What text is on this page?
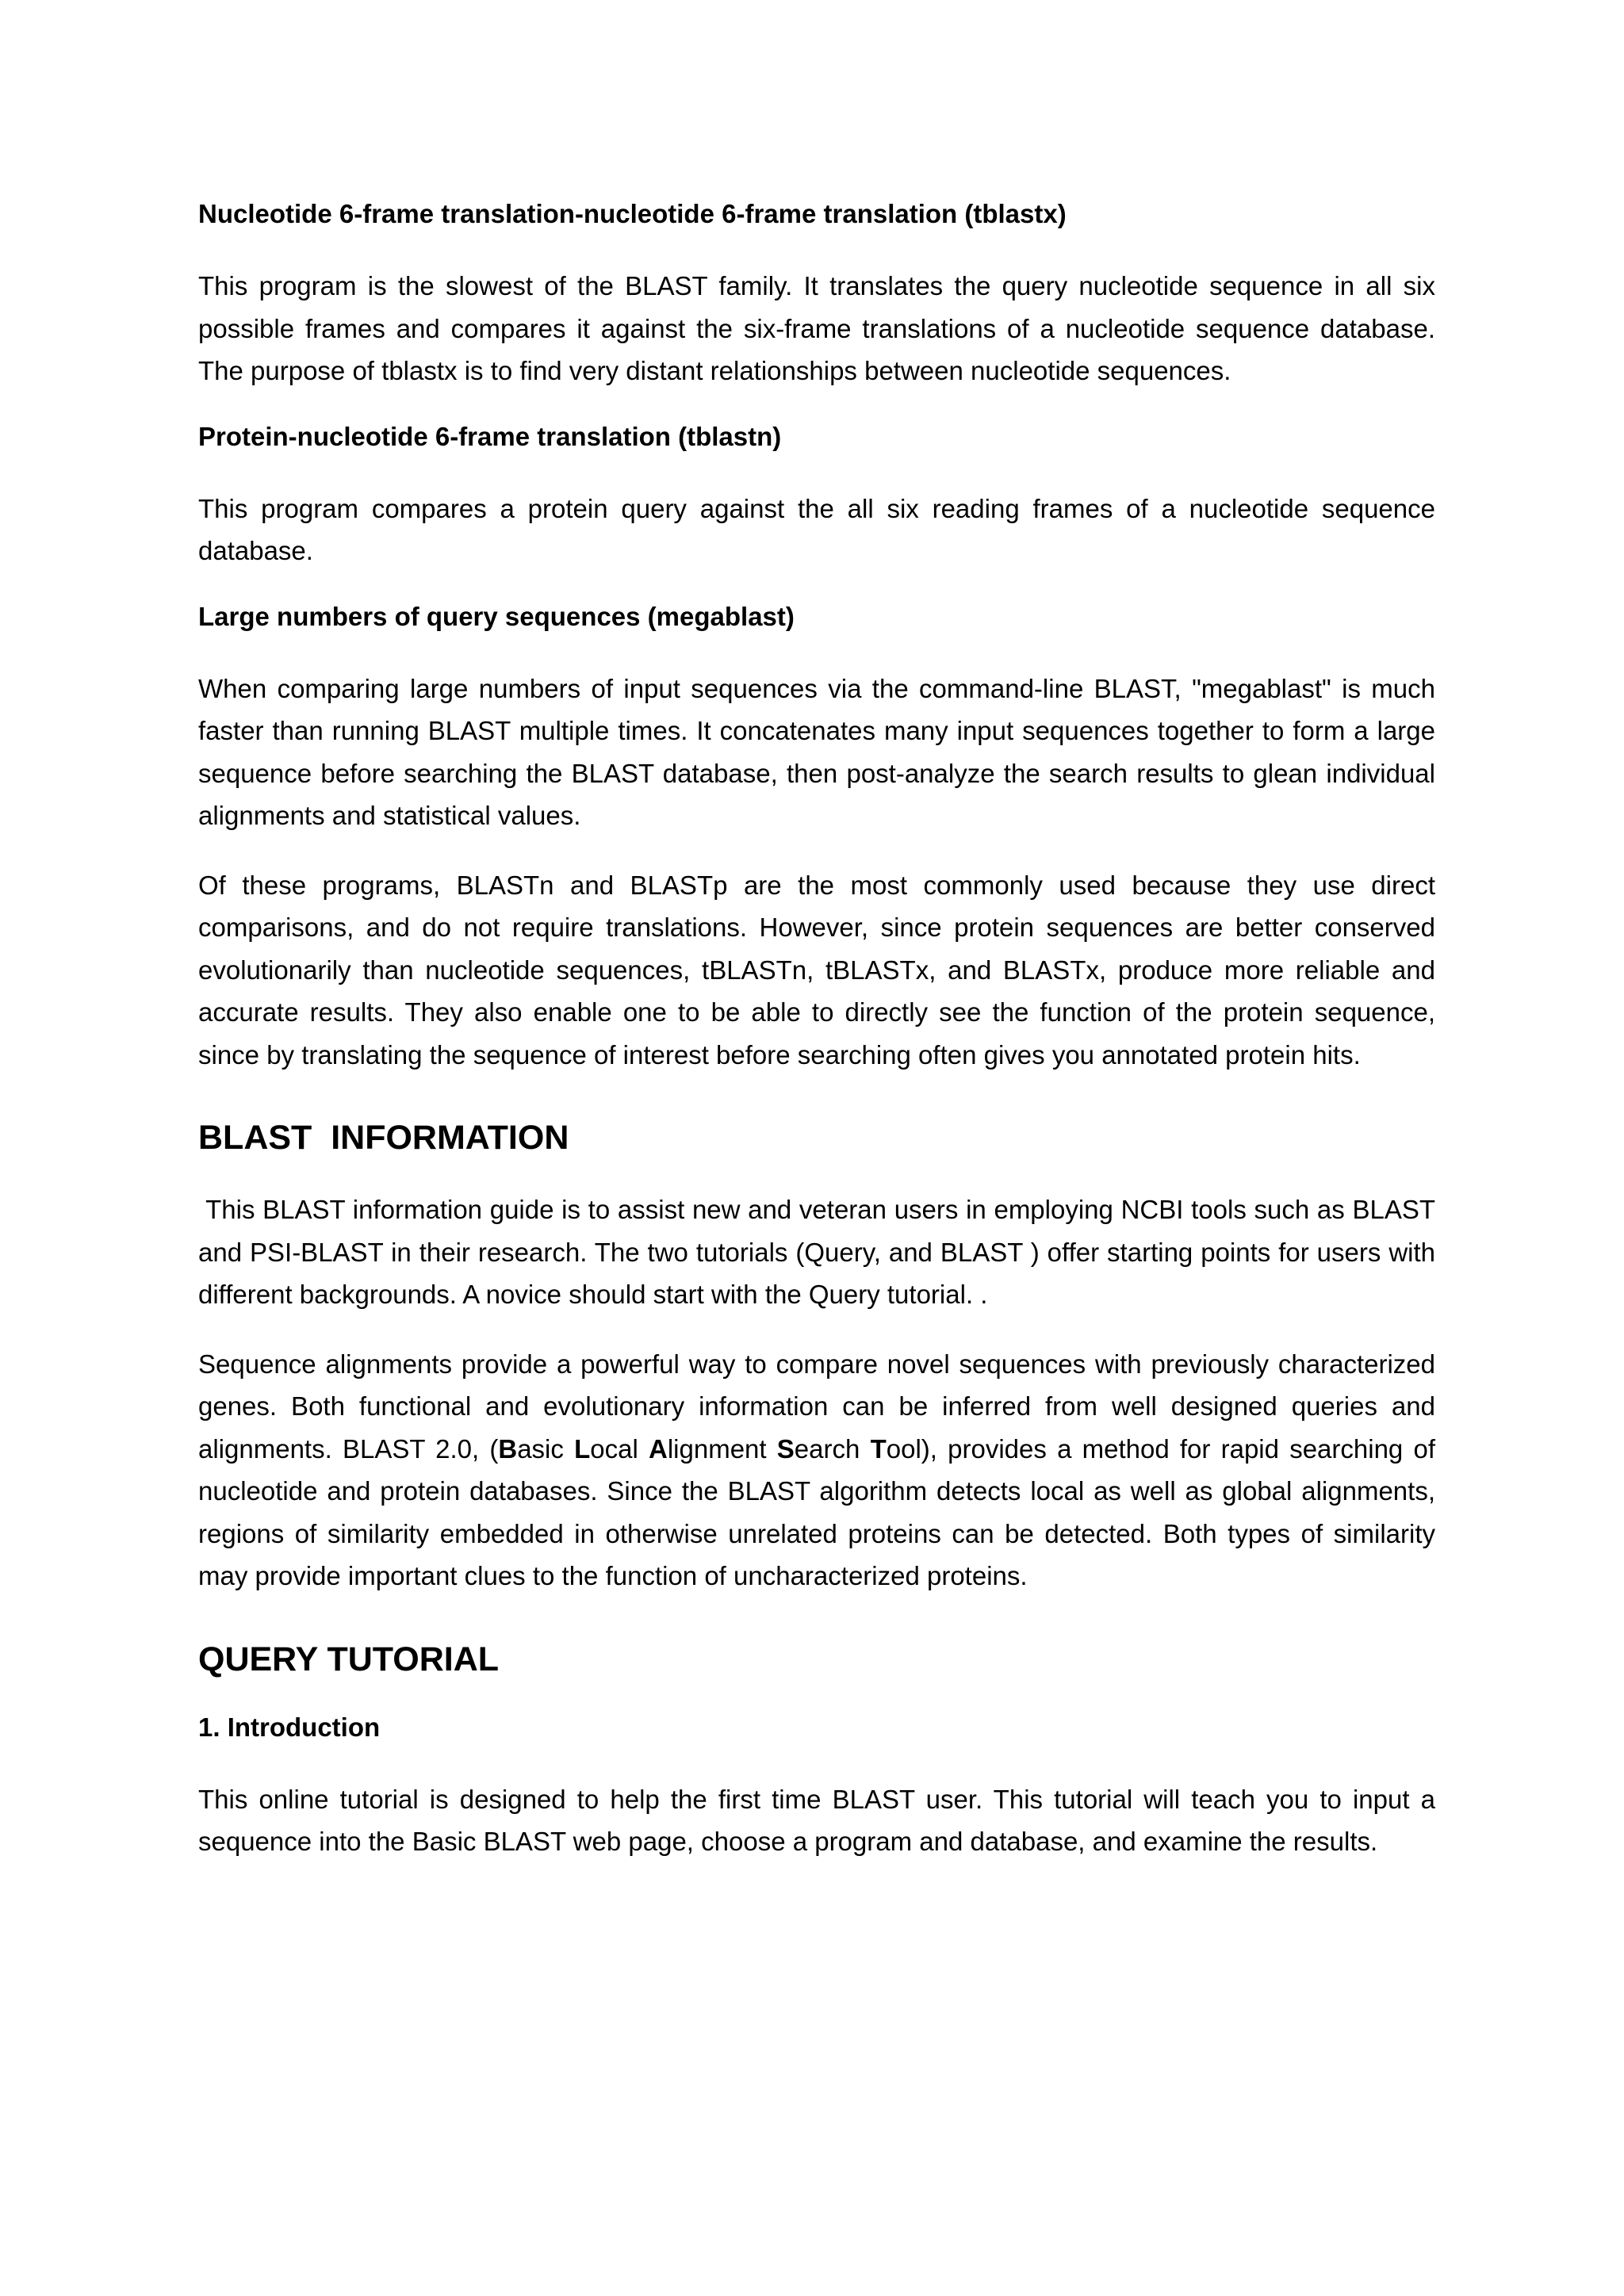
Nucleotide 6-frame translation-nucleotide 6-frame translation (tblastx)

This program is the slowest of the BLAST family. It translates the query nucleotide sequence in all six possible frames and compares it against the six-frame translations of a nucleotide sequence database. The purpose of tblastx is to find very distant relationships between nucleotide sequences.

Protein-nucleotide 6-frame translation (tblastn)

This program compares a protein query against the all six reading frames of a nucleotide sequence database.

Large numbers of query sequences (megablast)

When comparing large numbers of input sequences via the command-line BLAST, "megablast" is much faster than running BLAST multiple times. It concatenates many input sequences together to form a large sequence before searching the BLAST database, then post-analyze the search results to glean individual alignments and statistical values.

Of these programs, BLASTn and BLASTp are the most commonly used because they use direct comparisons, and do not require translations. However, since protein sequences are better conserved evolutionarily than nucleotide sequences, tBLASTn, tBLASTx, and BLASTx, produce more reliable and accurate results. They also enable one to be able to directly see the function of the protein sequence, since by translating the sequence of interest before searching often gives you annotated protein hits.

BLAST  INFORMATION

This BLAST information guide is to assist new and veteran users in employing NCBI tools such as BLAST and PSI-BLAST in their research. The two tutorials (Query, and BLAST ) offer starting points for users with different backgrounds. A novice should start with the Query tutorial. .

Sequence alignments provide a powerful way to compare novel sequences with previously characterized genes. Both functional and evolutionary information can be inferred from well designed queries and alignments. BLAST 2.0, (Basic Local Alignment Search Tool), provides a method for rapid searching of nucleotide and protein databases. Since the BLAST algorithm detects local as well as global alignments, regions of similarity embedded in otherwise unrelated proteins can be detected. Both types of similarity may provide important clues to the function of uncharacterized proteins.

QUERY TUTORIAL
1. Introduction

This online tutorial is designed to help the first time BLAST user. This tutorial will teach you to input a sequence into the Basic BLAST web page, choose a program and database, and examine the results.
